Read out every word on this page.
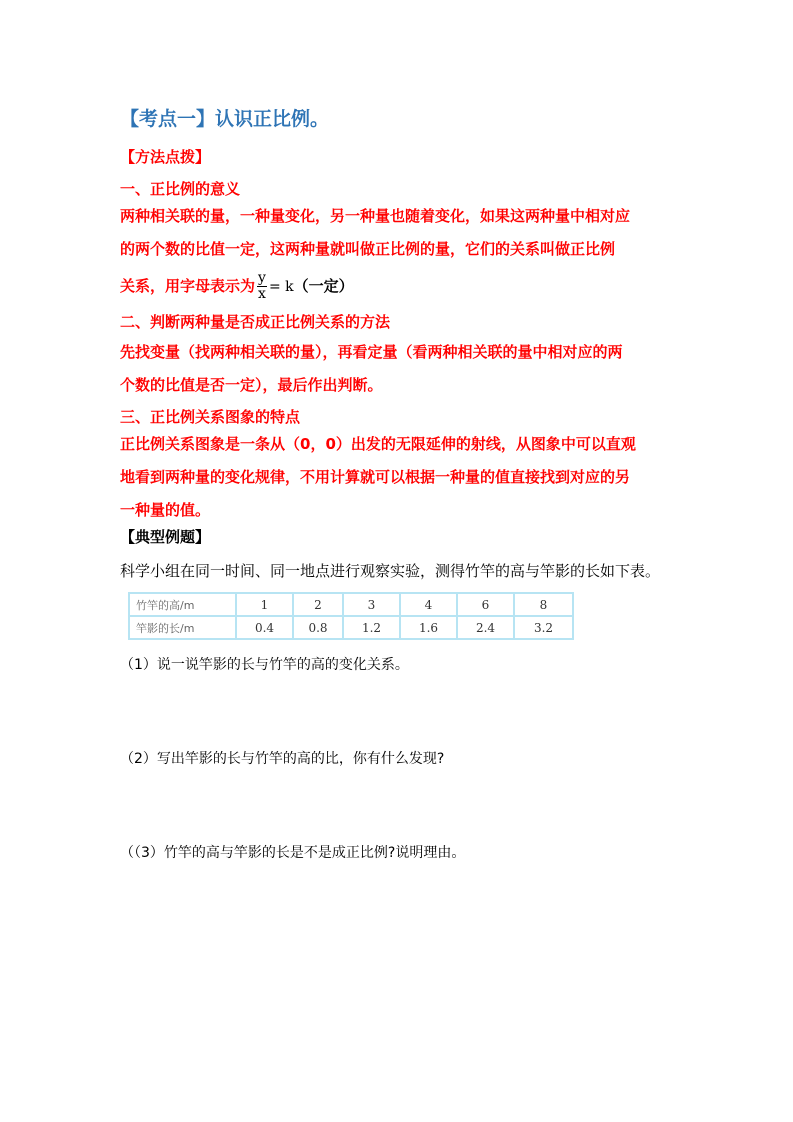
【考点一】认识正比例。
【方法点拨】
一、正比例的意义
两种相关联的量，一种量变化，另一种量也随着变化，如果这两种量中相对应
的两个数的比值一定，这两种量就叫做正比例的量，它们的关系叫做正比例
关系，用字母表示为 $\frac{y}{x} = k$（一定）
二、判断两种量是否成正比例关系的方法
先找变量（找两种相关联的量），再看定量（看两种相关联的量中相对应的两
个数的比值是否一定），最后作出判断。
三、正比例关系图象的特点
正比例关系图象是一条从（0，0）出发的无限延伸的射线，从图象中可以直观
地看到两种量的变化规律，不用计算就可以根据一种量的值直接找到对应的另
一种量的值。
【典型例题】
科学小组在同一时间、同一地点进行观察实验，测得竹竿的高与竿影的长如下表。
竹竿的高/m	1	2	3	4	6	8
竿影的长/m	0.4	0.8	1.2	1.6	2.4	3.2
（1）说一说竿影的长与竹竿的高的变化关系。
（2）写出竿影的长与竹竿的高的比，你有什么发现?
（（3）竹竿的高与竿影的长是不是成正比例?说明理由。
